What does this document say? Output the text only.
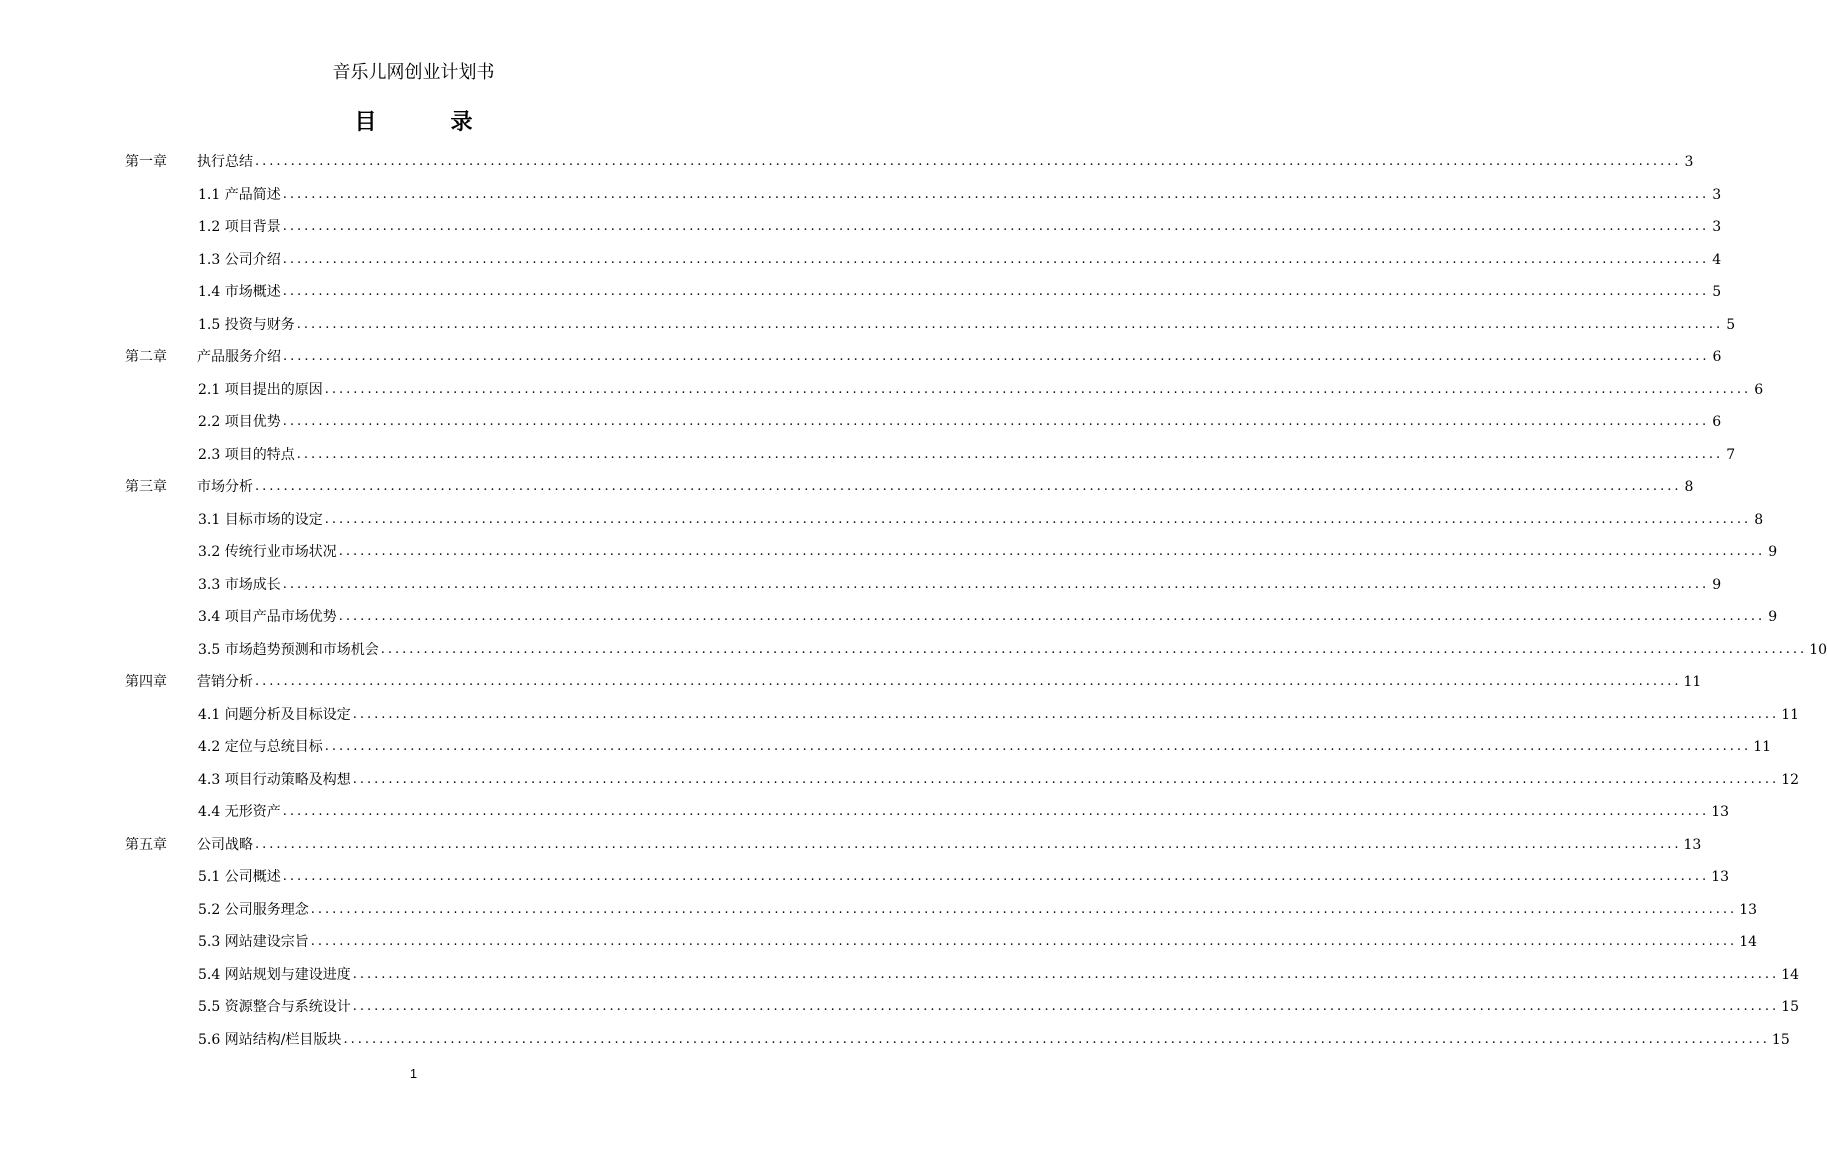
音乐儿网创业计划书
目　录
第一章	执行总结 ........................................................................................................................................................................................................ 3
1.1 产品简述 ........................................................................................................................................................................................................ 3
1.2 项目背景 ........................................................................................................................................................................................................ 3
1.3 公司介绍 ........................................................................................................................................................................................................ 4
1.4 市场概述 ........................................................................................................................................................................................................ 5
1.5 投资与财务 ........................................................................................................................................................................................................ 5
第二章	产品服务介绍 ........................................................................................................................................................................................................ 6
2.1 项目提出的原因 ........................................................................................................................................................................................................ 6
2.2 项目优势 ........................................................................................................................................................................................................ 6
2.3 项目的特点 ........................................................................................................................................................................................................ 7
第三章	市场分析 ........................................................................................................................................................................................................ 8
3.1 目标市场的设定 ........................................................................................................................................................................................................ 8
3.2 传统行业市场状况 ........................................................................................................................................................................................................ 9
3.3 市场成长 ........................................................................................................................................................................................................ 9
3.4 项目产品市场优势 ........................................................................................................................................................................................................ 9
3.5 市场趋势预测和市场机会 ........................................................................................................................................................................................................ 10
第四章	营销分析 ........................................................................................................................................................................................................ 11
4.1 问题分析及目标设定 ........................................................................................................................................................................................................ 11
4.2 定位与总统目标 ........................................................................................................................................................................................................ 11
4.3 项目行动策略及构想 ........................................................................................................................................................................................................ 12
4.4 无形资产 ........................................................................................................................................................................................................ 13
第五章	公司战略 ........................................................................................................................................................................................................ 13
5.1 公司概述 ........................................................................................................................................................................................................ 13
5.2 公司服务理念 ........................................................................................................................................................................................................ 13
5.3 网站建设宗旨 ........................................................................................................................................................................................................ 14
5.4 网站规划与建设进度 ........................................................................................................................................................................................................ 14
5.5 资源整合与系统设计 ........................................................................................................................................................................................................ 15
5.6 网站结构/栏目版块 ........................................................................................................................................................................................................ 15
1
